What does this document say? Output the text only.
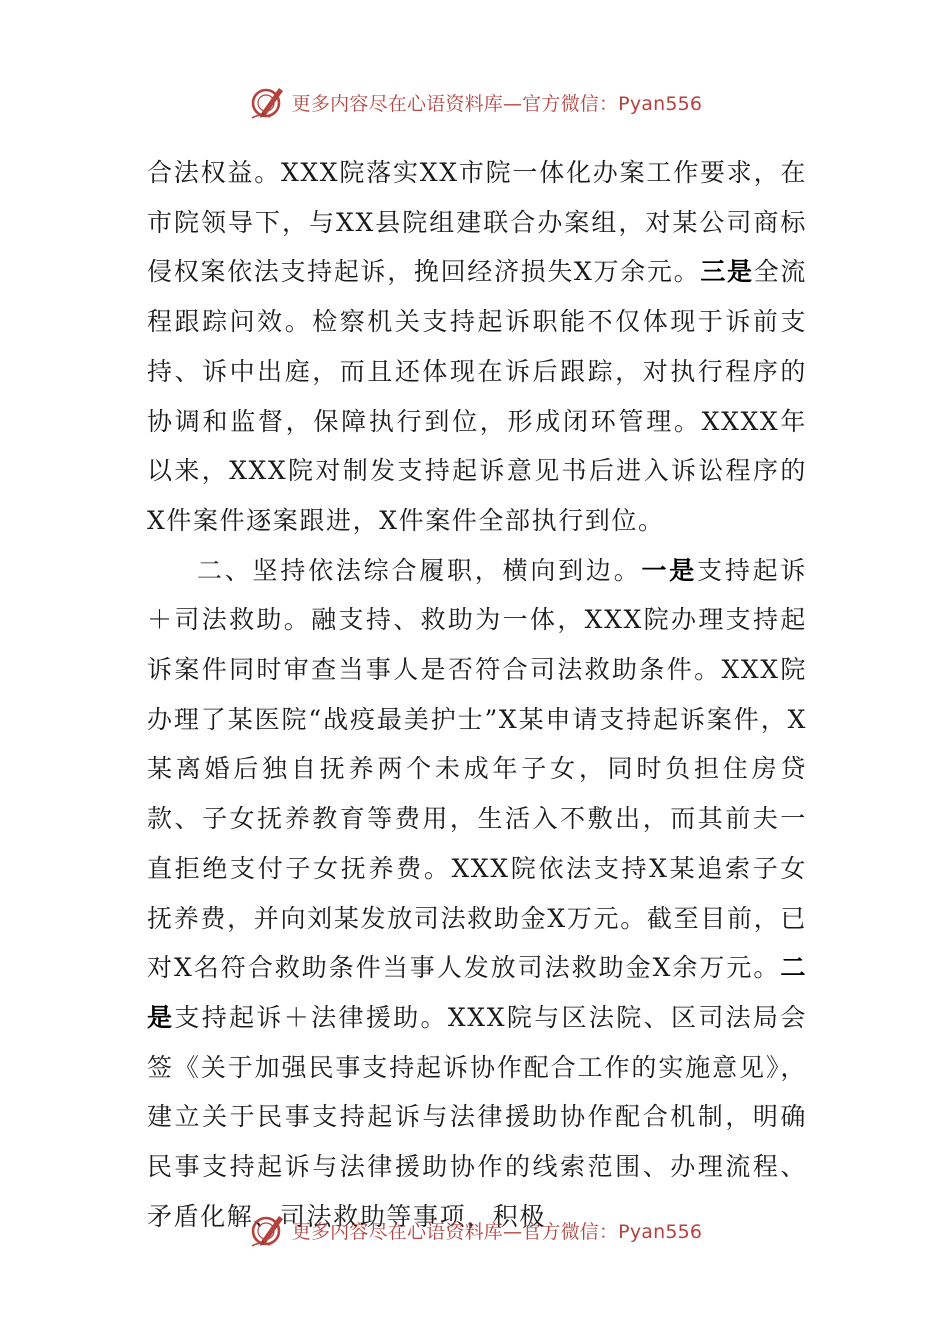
更多内容尽在心语资料库—官方微信：Pyan556

合法权益。XXX院落实XX市院一体化办案工作要求，在市院领导下，与XX县院组建联合办案组，对某公司商标侵权案依法支持起诉，挽回经济损失X万余元。三是全流程跟踪问效。检察机关支持起诉职能不仅体现于诉前支持、诉中出庭，而且还体现在诉后跟踪，对执行程序的协调和监督，保障执行到位，形成闭环管理。XXXX年以来，XXX院对制发支持起诉意见书后进入诉讼程序的X件案件逐案跟进，X件案件全部执行到位。

二、坚持依法综合履职，横向到边。一是支持起诉＋司法救助。融支持、救助为一体，XXX院办理支持起诉案件同时审查当事人是否符合司法救助条件。XXX院办理了某医院“战疫最美护士”X某申请支持起诉案件，X某离婚后独自抚养两个未成年子女，同时负担住房贷款、子女抚养教育等费用，生活入不敷出，而其前夫一直拒绝支付子女抚养费。XXX院依法支持X某追索子女抚养费，并向刘某发放司法救助金X万元。截至目前，已对X名符合救助条件当事人发放司法救助金X余万元。二是支持起诉＋法律援助。XXX院与区法院、区司法局会签《关于加强民事支持起诉协作配合工作的实施意见》，建立关于民事支持起诉与法律援助协作配合机制，明确民事支持起诉与法律援助协作的线索范围、办理流程、矛盾化解、司法救助等事项，积极

更多内容尽在心语资料库—官方微信：Pyan556
